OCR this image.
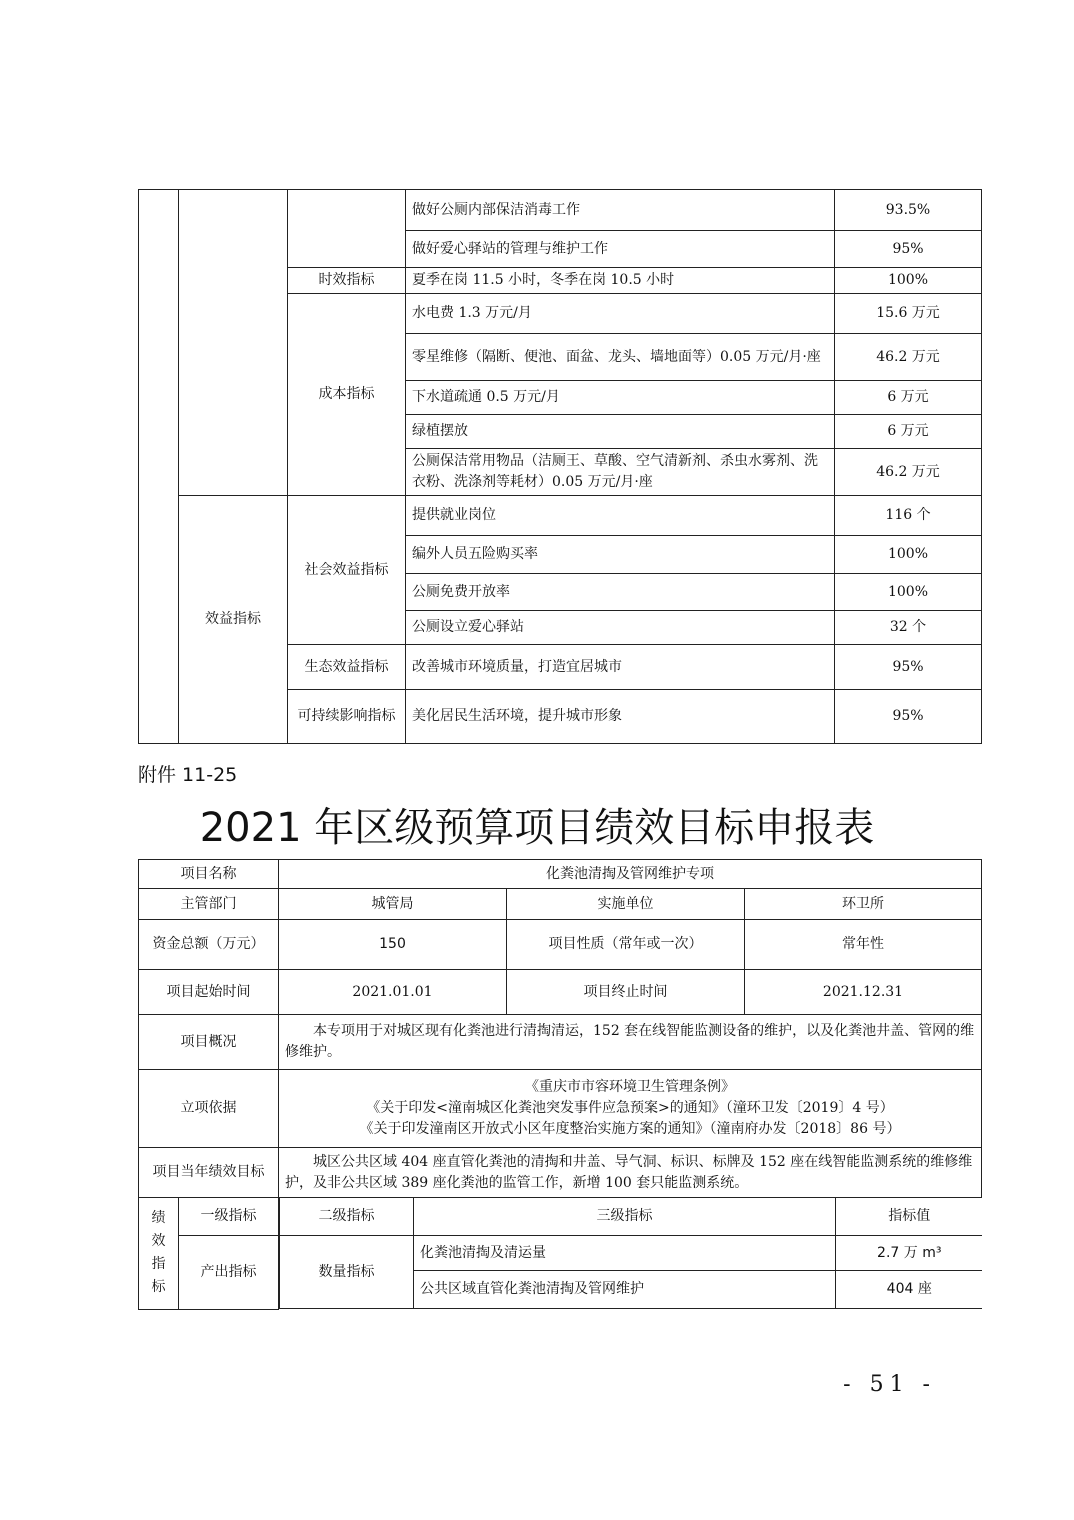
			做好公厕内部保洁消毒工作	93.5%
			做好爱心驿站的管理与维护工作	95%
		时效指标	夏季在岗 11.5 小时，冬季在岗 10.5 小时	100%
		成本指标	水电费 1.3 万元/月	15.6 万元
			零星维修（隔断、便池、面盆、龙头、墙地面等）0.05 万元/月·座	46.2 万元
			下水道疏通 0.5 万元/月	6 万元
			绿植摆放	6 万元
			公厕保洁常用物品（洁厕王、草酸、空气清新剂、杀虫水雾剂、洗衣粉、洗涤剂等耗材）0.05 万元/月·座	46.2 万元
	效益指标	社会效益指标	提供就业岗位	116 个
			编外人员五险购买率	100%
			公厕免费开放率	100%
			公厕设立爱心驿站	32 个
		生态效益指标	改善城市环境质量，打造宜居城市	95%
		可持续影响指标	美化居民生活环境，提升城市形象	95%
附件 11-25
2021 年区级预算项目绩效目标申报表
项目名称	化粪池清掏及管网维护专项
主管部门	城管局	实施单位	环卫所
资金总额（万元）	150	项目性质（常年或一次）	常年性
项目起始时间	2021.01.01	项目终止时间	2021.12.31
项目概况	本专项用于对城区现有化粪池进行清掏清运，152 套在线智能监测设备的维护，以及化粪池井盖、管网的维修维护。
立项依据	
《重庆市市容环境卫生管理条例》
《关于印发<潼南城区化粪池突发事件应急预案>的通知》（潼环卫发〔2019〕4 号）
《关于印发潼南区开放式小区年度整治实施方案的通知》（潼南府办发〔2018〕86 号）

项目当年绩效目标	城区公共区域 404 座直管化粪池的清掏和井盖、导气洞、标识、标牌及 152 座在线智能监测系统的维修维护，及非公共区域 389 座化粪池的监管工作，新增 100 套只能监测系统。
绩效指标	一级指标		二级指标	三级指标	指标值

产出指标		数量指标	化粪池清掏及清运量	2.7 万 m³
公共区域直管化粪池清掏及管网维护	404 座

- 51 -
